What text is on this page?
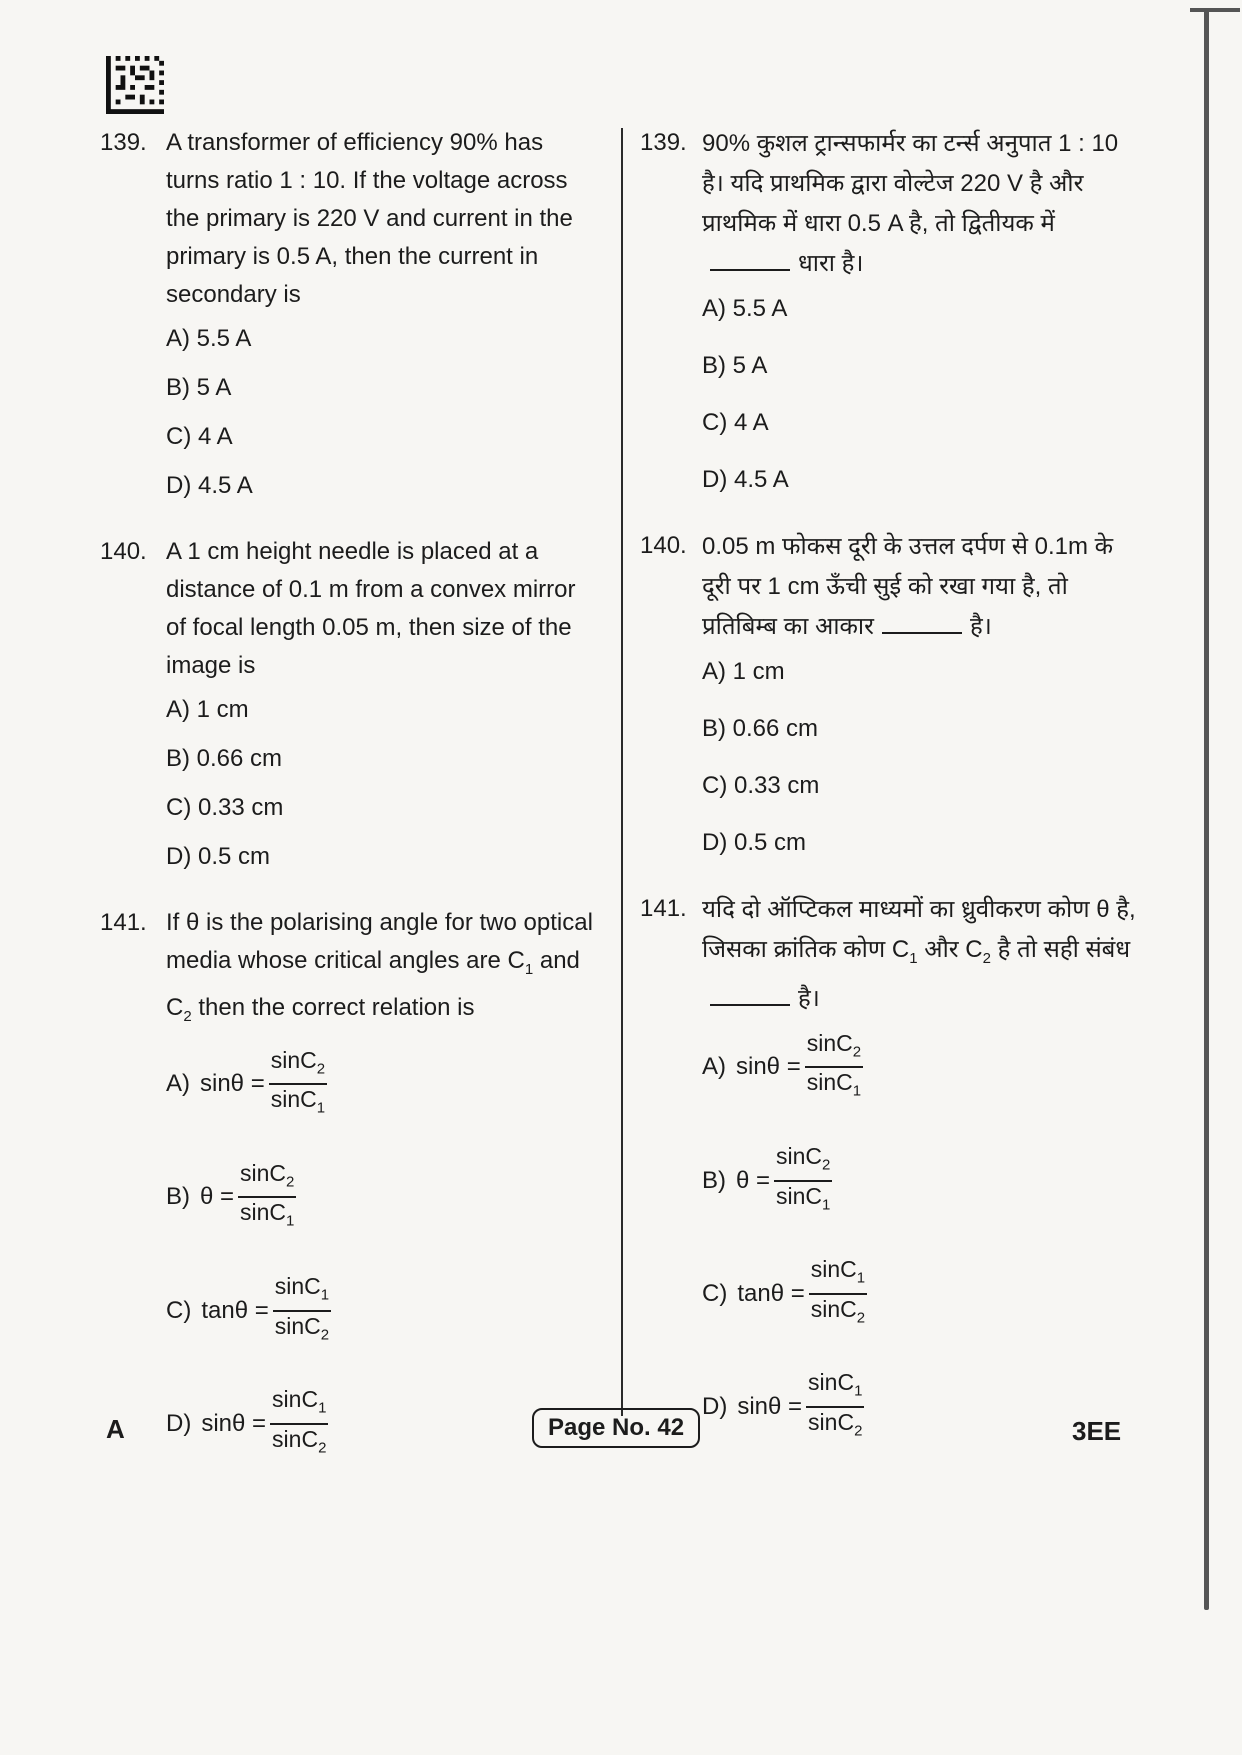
139. A transformer of efficiency 90% has turns ratio 1 : 10. If the voltage across the primary is 220 V and current in the primary is 0.5 A, then the current in secondary is
A) 5.5 A
B) 5 A
C) 4 A
D) 4.5 A
140. A 1 cm height needle is placed at a distance of 0.1 m from a convex mirror of focal length 0.05 m, then size of the image is
A) 1 cm
B) 0.66 cm
C) 0.33 cm
D) 0.5 cm
141. If θ is the polarising angle for two optical media whose critical angles are $C_1$ and $C_2$ then the correct relation is
A) $\sin\theta = \frac{\sin C_2}{\sin C_1}$
B) $\theta = \frac{\sin C_2}{\sin C_1}$
C) $\tan\theta = \frac{\sin C_1}{\sin C_2}$
D) $\sin\theta = \frac{\sin C_1}{\sin C_2}$
139. 90% कुशल ट्रान्सफार्मर का टर्न्स अनुपात 1 : 10 है। यदि प्राथमिक द्वारा वोल्टेज 220 V है और प्राथमिक में धारा 0.5 A है, तो द्वितीयक में
धारा है।
A) 5.5 A
B) 5 A
C) 4 A
D) 4.5 A
140. 0.05 m फोकस दूरी के उत्तल दर्पण से 0.1m के दूरी पर 1 cm ऊँची सुई को रखा गया है, तो प्रतिबिम्ब का आकार	है।
A) 1 cm
B) 0.66 cm
C) 0.33 cm
D) 0.5 cm
141. यदि दो ऑप्टिकल माध्यमों का ध्रुवीकरण कोण θ है, जिसका क्रांतिक कोण $C_1$ और $C_2$ है तो सही संबंधहै।
A) $\sin\theta = \frac{\sin C_2}{\sin C_1}$
B) $\theta = \frac{\sin C_2}{\sin C_1}$
C) $\tan\theta = \frac{\sin C_1}{\sin C_2}$
D) $\sin\theta = \frac{\sin C_1}{\sin C_2}$
A	Page No. 42	3EE
